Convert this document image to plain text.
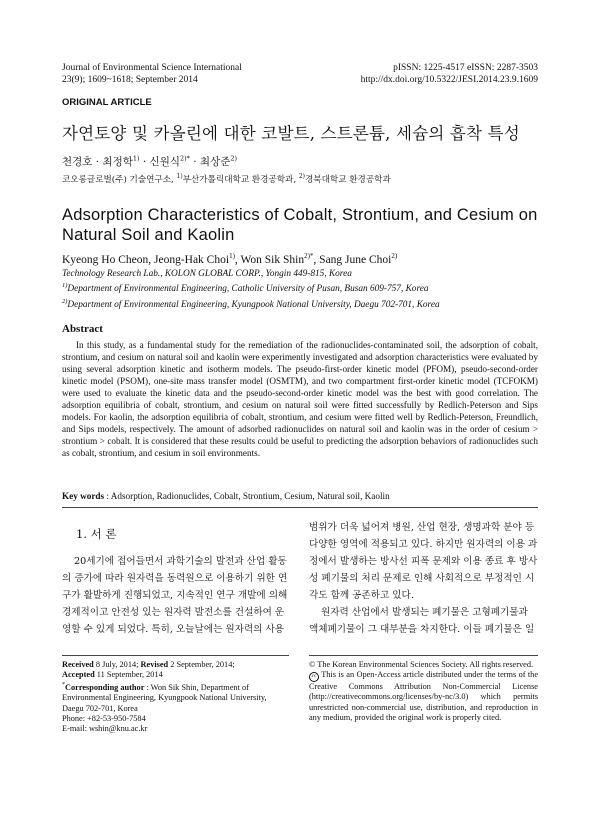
Journal of Environmental Science International
23(9); 1609~1618; September 2014
pISSN: 1225-4517 eISSN: 2287-3503
http://dx.doi.org/10.5322/JESI.2014.23.9.1609
ORIGINAL ARTICLE
자연토양 및 카올린에 대한 코발트, 스트론튬, 세슘의 흡착 특성
천경호 · 최정학$^{1)}$ · 신원식$^{2)*}$ · 최상준$^{2)}$
코오롱글로벌(주) 기술연구소, $^{1)}$부산가톨릭대학교 환경공학과, $^{2)}$경북대학교 환경공학과
Adsorption Characteristics of Cobalt, Strontium, and Cesium on
Natural Soil and Kaolin
Kyeong Ho Cheon, Jeong-Hak Choi$^{1)}$, Won Sik Shin$^{2)*}$, Sang June Choi$^{2)}$
Technology Research Lab., KOLON GLOBAL CORP., Yongin 449-815, Korea
$^{1)}$Department of Environmental Engineering, Catholic University of Pusan, Busan 609-757, Korea
$^{2)}$Department of Environmental Engineering, Kyungpook National University, Daegu 702-701, Korea
Abstract

In this study, as a fundamental study for the remediation of the radionuclides-contaminated soil, the adsorption of cobalt, strontium, and cesium on natural soil and kaolin were experimently investigated and adsorption characteristics were evaluated by using several adsorption kinetic and isotherm models. The pseudo-first-order kinetic model (PFOM), pseudo-second-order kinetic model (PSOM), one-site mass transfer model (OSMTM), and two compartment first-order kinetic model (TCFOKM) were used to evaluate the kinetic data and the pseudo-second-order kinetic model was the best with good correlation. The adsorption equilibria of cobalt, strontium, and cesium on natural soil were fitted successfully by Redlich-Peterson and Sips models. For kaolin, the adsorption equilibria of cobalt, strontium, and cesium were fitted well by Redlich-Peterson, Freundlich, and Sips models, respectively. The amount of adsorbed radionuclides on natural soil and kaolin was in the order of cesium > strontium > cobalt. It is considered that these results could be useful to predicting the adsorption behaviors of radionuclides such as cobalt, strontium, and cesium in soil environments.

Key words : Adsorption, Radionuclides, Cobalt, Strontium, Cesium, Natural soil, Kaolin
1. 서 론

20세기에 접어들면서 과학기술의 발전과 산업 활동

의 증가에 따라 원자력을 동력원으로 이용하기 위한 연

구가 활발하게 진행되었고, 지속적인 연구 개발에 의해

경제적이고 안전성 있는 원자력 발전소를 건설하여 운

영할 수 있게 되었다. 특히, 오늘날에는 원자력의 사용

범위가 더욱 넓어져 병원, 산업 현장, 생명과학 분야 등

다양한 영역에 적용되고 있다. 하지만 원자력의 이용 과

정에서 발생하는 방사선 피폭 문제와 이용 종료 후 방사

성 폐기물의 처리 문제로 인해 사회적으로 부정적인 시

각도 함께 공존하고 있다.

원자력 산업에서 발생되는 폐기물은 고형폐기물과

액체폐기물이 그 대부분을 차지한다. 이들 폐기물은 일

Received 8 July, 2014; Revised 2 September, 2014;
Accepted 11 September, 2014
*Corresponding author : Won Sik Shin, Department of Environmental Engineering, Kyungpook National University, Daegu 702-701, Korea
Phone: +82-53-950-7584
E-mail: wshin@knu.ac.kr
© The Korean Environmental Sciences Society. All rights reserved.
cc This is an Open-Access article distributed under the terms of the Creative Commons Attribution Non-Commercial License (http://creativecommons.org/licenses/by-nc/3.0) which permits unrestricted non-commercial use, distribution, and reproduction in any medium, provided the original work is properly cited.
